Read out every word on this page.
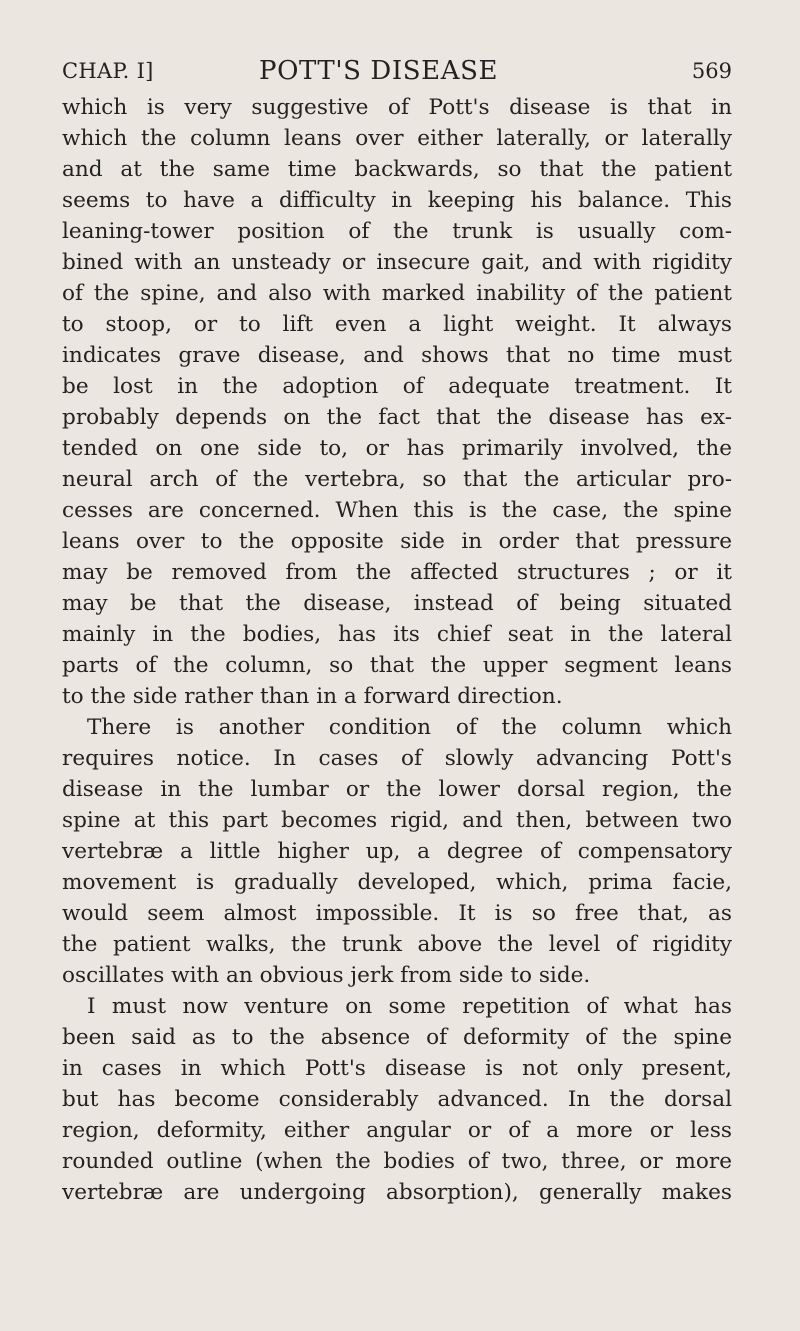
CHAP. I]	POTT'S DISEASE	569
which is very suggestive of Pott's disease is that in
which the column leans over either laterally, or laterally
and at the same time backwards, so that the patient
seems to have a difficulty in keeping his balance. This
leaning-tower position of the trunk is usually com-
bined with an unsteady or insecure gait, and with rigidity
of the spine, and also with marked inability of the patient
to stoop, or to lift even a light weight. It always
indicates grave disease, and shows that no time must
be lost in the adoption of adequate treatment. It
probably depends on the fact that the disease has ex-
tended on one side to, or has primarily involved, the
neural arch of the vertebra, so that the articular pro-
cesses are concerned. When this is the case, the spine
leans over to the opposite side in order that pressure
may be removed from the affected structures ; or it
may be that the disease, instead of being situated
mainly in the bodies, has its chief seat in the lateral
parts of the column, so that the upper segment leans
to the side rather than in a forward direction.
There is another condition of the column which
requires notice. In cases of slowly advancing Pott's
disease in the lumbar or the lower dorsal region, the
spine at this part becomes rigid, and then, between two
vertebræ a little higher up, a degree of compensatory
movement is gradually developed, which, prima facie,
would seem almost impossible. It is so free that, as
the patient walks, the trunk above the level of rigidity
oscillates with an obvious jerk from side to side.
I must now venture on some repetition of what has
been said as to the absence of deformity of the spine
in cases in which Pott's disease is not only present,
but has become considerably advanced. In the dorsal
region, deformity, either angular or of a more or less
rounded outline (when the bodies of two, three, or more
vertebræ are undergoing absorption), generally makes
